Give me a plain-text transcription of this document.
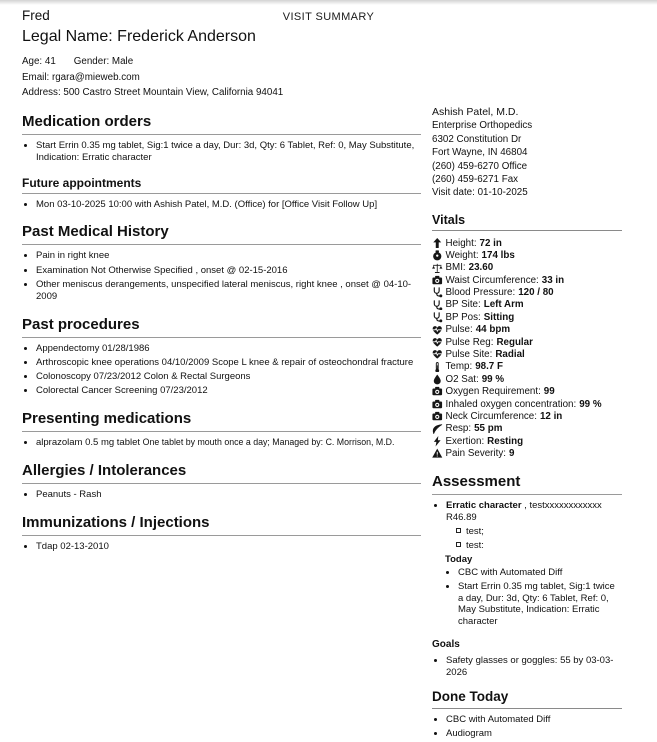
VISIT SUMMARY
Fred
Legal Name: Frederick Anderson
Age: 41 Gender: Male
Email: rgara@mieweb.com
Address: 500 Castro Street Mountain View, California 94041
Medication orders
• Start Errin 0.35 mg tablet, Sig:1 twice a day, Dur: 3d, Qty: 6 Tablet, Ref: 0, May Substitute, Indication: Erratic character
Future appointments
• Mon 03-10-2025 10:00 with Ashish Patel, M.D. (Office) for [Office Visit Follow Up]
Past Medical History
• Pain in right knee
• Examination Not Otherwise Specified , onset @ 02-15-2016
• Other meniscus derangements, unspecified lateral meniscus, right knee , onset @ 04-10-2009
Past procedures
• Appendectomy 01/28/1986
• Arthroscopic knee operations 04/10/2009 Scope L knee & repair of osteochondral fracture
• Colonoscopy 07/23/2012 Colon & Rectal Surgeons
• Colorectal Cancer Screening 07/23/2012
Presenting medications
• alprazolam 0.5 mg tablet One tablet by mouth once a day; Managed by: C. Morrison, M.D.
Allergies / Intolerances
• Peanuts - Rash
Immunizations / Injections
• Tdap 02-13-2010
Ashish Patel, M.D.
Enterprise Orthopedics
6302 Constitution Dr
Fort Wayne, IN 46804
(260) 459-6270 Office
(260) 459-6271 Fax
Visit date: 01-10-2025
Vitals
Height: 72 in
Weight: 174 lbs
BMI: 23.60
Waist Circumference: 33 in
Blood Pressure: 120 / 80
BP Site: Left Arm
BP Pos: Sitting
Pulse: 44 bpm
Pulse Reg: Regular
Pulse Site: Radial
Temp: 98.7 F
O2 Sat: 99 %
Oxygen Requirement: 99
Inhaled oxygen concentration: 99 %
Neck Circumference: 12 in
Resp: 55 pm
Exertion: Resting
Pain Severity: 9
Assessment
• Erratic character , testxxxxxxxxxxxx R46.89
test;
test:
Today
• CBC with Automated Diff
• Start Errin 0.35 mg tablet, Sig:1 twice a day, Dur: 3d, Qty: 6 Tablet, Ref: 0, May Substitute, Indication: Erratic character
Goals
• Safety glasses or goggles: 55 by 03-03-2026
Done Today
• CBC with Automated Diff
• Audiogram
